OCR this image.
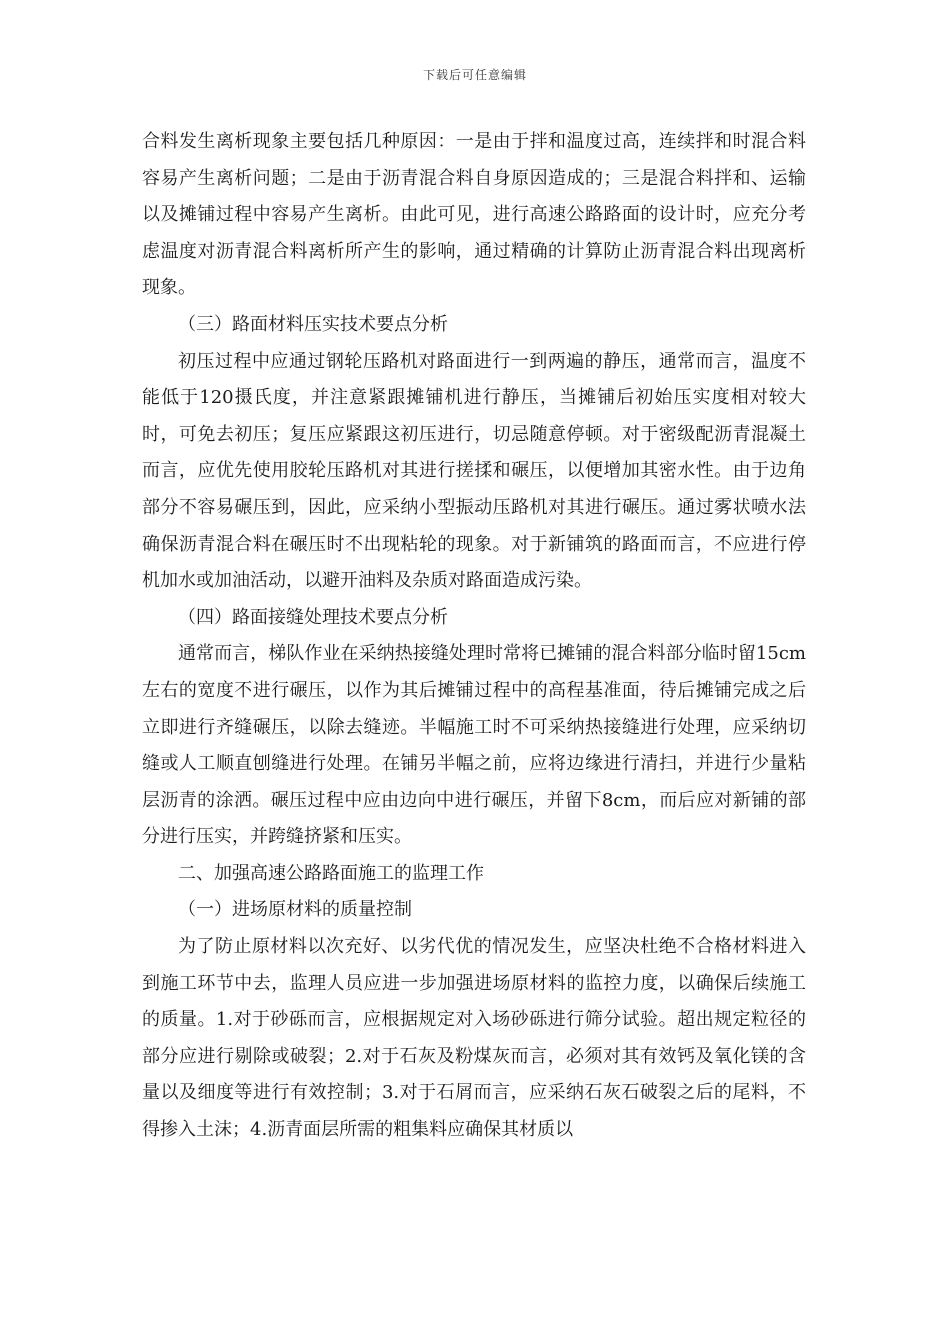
下载后可任意编辑

合料发生离析现象主要包括几种原因：一是由于拌和温度过高，连续拌和时混合料容易产生离析问题；二是由于沥青混合料自身原因造成的；三是混合料拌和、运输以及摊铺过程中容易产生离析。由此可见，进行高速公路路面的设计时，应充分考虑温度对沥青混合料离析所产生的影响，通过精确的计算防止沥青混合料出现离析现象。

（三）路面材料压实技术要点分析

初压过程中应通过钢轮压路机对路面进行一到两遍的静压，通常而言，温度不能低于120摄氏度，并注意紧跟摊铺机进行静压，当摊铺后初始压实度相对较大时，可免去初压；复压应紧跟这初压进行，切忌随意停顿。对于密级配沥青混凝土而言，应优先使用胶轮压路机对其进行搓揉和碾压，以便增加其密水性。由于边角部分不容易碾压到，因此，应采纳小型振动压路机对其进行碾压。通过雾状喷水法确保沥青混合料在碾压时不出现粘轮的现象。对于新铺筑的路面而言，不应进行停机加水或加油活动，以避开油料及杂质对路面造成污染。

（四）路面接缝处理技术要点分析

通常而言，梯队作业在采纳热接缝处理时常将已摊铺的混合料部分临时留15cm左右的宽度不进行碾压，以作为其后摊铺过程中的高程基准面，待后摊铺完成之后立即进行齐缝碾压，以除去缝迹。半幅施工时不可采纳热接缝进行处理，应采纳切缝或人工顺直刨缝进行处理。在铺另半幅之前，应将边缘进行清扫，并进行少量粘层沥青的涂洒。碾压过程中应由边向中进行碾压，并留下8cm，而后应对新铺的部分进行压实，并跨缝挤紧和压实。

二、加强高速公路路面施工的监理工作

（一）进场原材料的质量控制

为了防止原材料以次充好、以劣代优的情况发生，应坚决杜绝不合格材料进入到施工环节中去，监理人员应进一步加强进场原材料的监控力度，以确保后续施工的质量。1.对于砂砾而言，应根据规定对入场砂砾进行筛分试验。超出规定粒径的部分应进行剔除或破裂；2.对于石灰及粉煤灰而言，必须对其有效钙及氧化镁的含量以及细度等进行有效控制；3.对于石屑而言，应采纳石灰石破裂之后的尾料，不得掺入土沫；4.沥青面层所需的粗集料应确保其材质以
